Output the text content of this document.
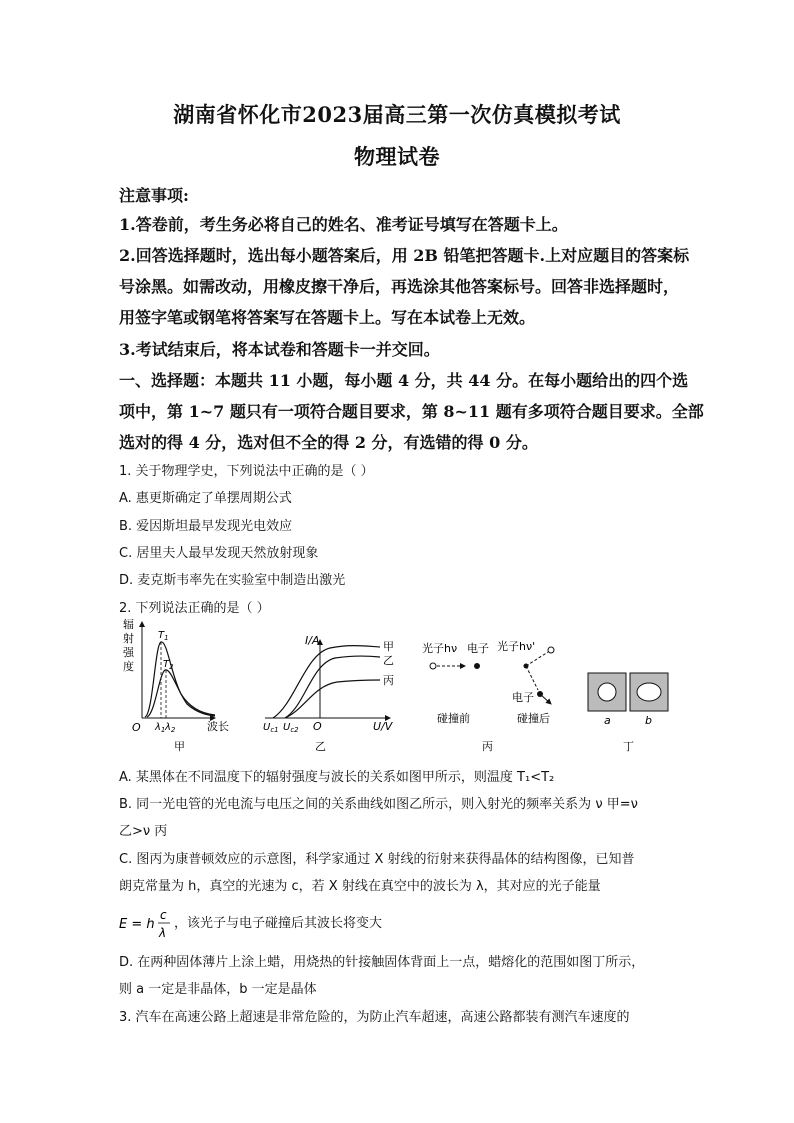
湖南省怀化市2023届高三第一次仿真模拟考试
物理试卷
注意事项:
1.答卷前，考生务必将自己的姓名、准考证号填写在答题卡上。
2.回答选择题时，选出每小题答案后，用 2B 铅笔把答题卡.上对应题目的答案标
号涂黑。如需改动，用橡皮擦干净后，再选涂其他答案标号。回答非选择题时，
用签字笔或钢笔将答案写在答题卡上。写在本试卷上无效。
3.考试结束后，将本试卷和答题卡一并交回。
一、选择题：本题共 11 小题，每小题 4 分，共 44 分。在每小题给出的四个选
项中，第 1~7 题只有一项符合题目要求，第 8~11 题有多项符合题目要求。全部
选对的得 4 分，选对但不全的得 2 分，有选错的得 0 分。
1. 关于物理学史，下列说法中正确的是（ ）
A. 惠更斯确定了单摆周期公式
B. 爱因斯坦最早发现光电效应
C. 居里夫人最早发现天然放射现象
D. 麦克斯韦率先在实验室中制造出激光
2. 下列说法正确的是（ ）
辐
射
强
度
$T_1$
$T_2$
O $\lambda_1$ $\lambda_2$	波长
甲
I/A	甲
乙
丙
$U_{c1}$ $U_{c2}$ O	U/V
乙
光子hν 电子 光子hν'
电子
碰撞前	碰撞后
丙
a	b
丁
A. 某黑体在不同温度下的辐射强度与波长的关系如图甲所示，则温度 T₁<T₂
B. 同一光电管的光电流与电压之间的关系曲线如图乙所示，则入射光的频率关系为 ν 甲=ν
乙>ν 丙
C. 图丙为康普顿效应的示意图，科学家通过 X 射线的衍射来获得晶体的结构图像，已知普
朗克常量为 h，真空的光速为 c，若 X 射线在真空中的波长为 λ，其对应的光子能量
E = h
c
λ
，该光子与电子碰撞后其波长将变大
D. 在两种固体薄片上涂上蜡，用烧热的针接触固体背面上一点，蜡熔化的范围如图丁所示，
则 a 一定是非晶体，b 一定是晶体
3. 汽车在高速公路上超速是非常危险的，为防止汽车超速，高速公路都装有测汽车速度的
